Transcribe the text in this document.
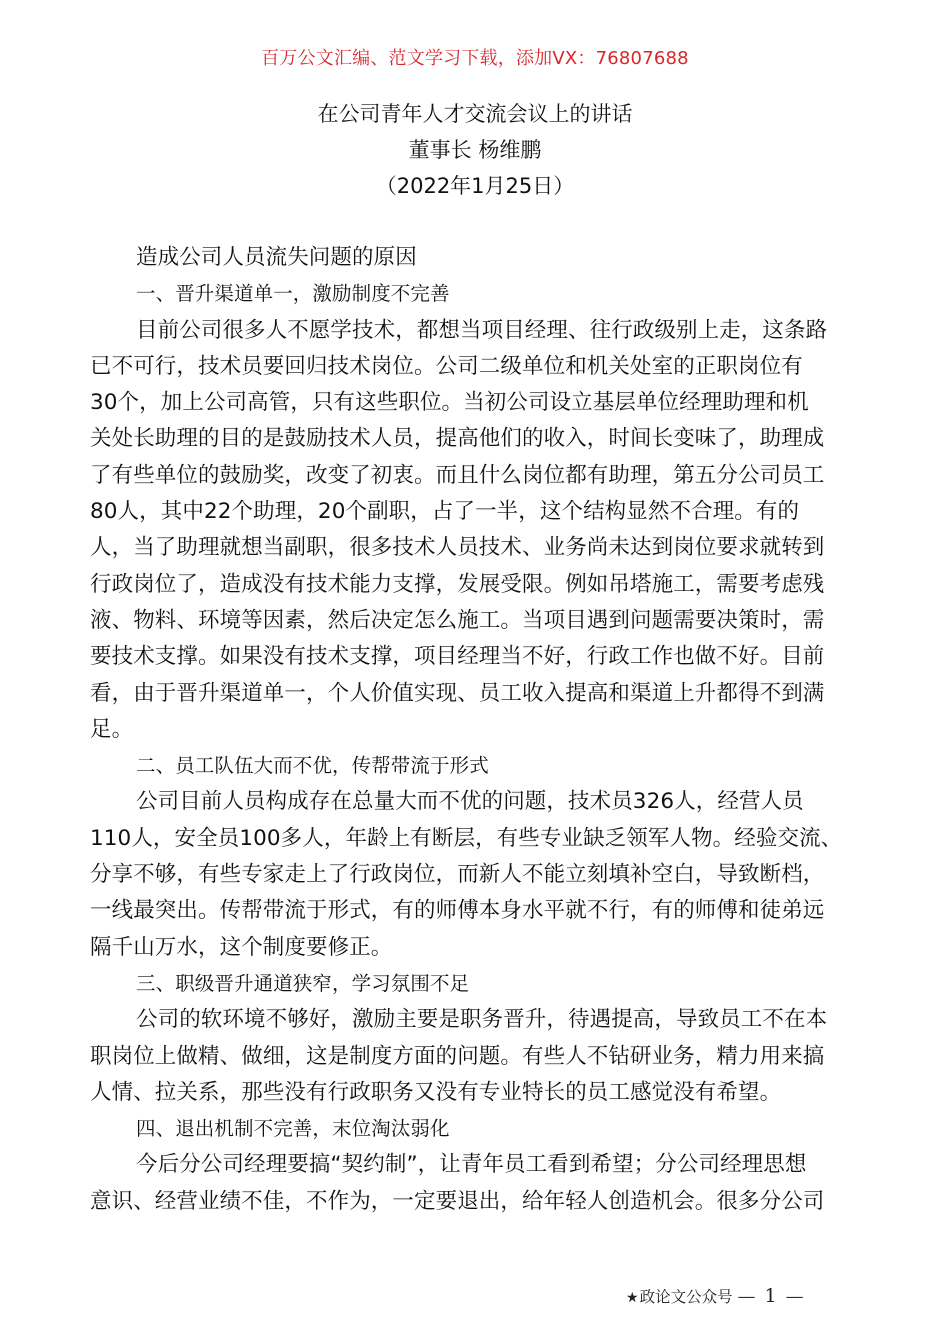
百万公文汇编、范文学习下载，添加VX：76807688
在公司青年人才交流会议上的讲话
董事长 杨维鹏
（2022年1月25日）
造成公司人员流失问题的原因
一、晋升渠道单一，激励制度不完善
目前公司很多人不愿学技术，都想当项目经理、往行政级别上走，这条路
已不可行，技术员要回归技术岗位。公司二级单位和机关处室的正职岗位有
30个，加上公司高管，只有这些职位。当初公司设立基层单位经理助理和机
关处长助理的目的是鼓励技术人员，提高他们的收入，时间长变味了，助理成
了有些单位的鼓励奖，改变了初衷。而且什么岗位都有助理，第五分公司员工
80人，其中22个助理，20个副职，占了一半，这个结构显然不合理。有的
人，当了助理就想当副职，很多技术人员技术、业务尚未达到岗位要求就转到
行政岗位了，造成没有技术能力支撑，发展受限。例如吊塔施工，需要考虑残
液、物料、环境等因素，然后决定怎么施工。当项目遇到问题需要决策时，需
要技术支撑。如果没有技术支撑，项目经理当不好，行政工作也做不好。目前
看，由于晋升渠道单一，个人价值实现、员工收入提高和渠道上升都得不到满
足。
二、员工队伍大而不优，传帮带流于形式
公司目前人员构成存在总量大而不优的问题，技术员326人，经营人员
110人，安全员100多人，年龄上有断层，有些专业缺乏领军人物。经验交流、
分享不够，有些专家走上了行政岗位，而新人不能立刻填补空白，导致断档，
一线最突出。传帮带流于形式，有的师傅本身水平就不行，有的师傅和徒弟远
隔千山万水，这个制度要修正。
三、职级晋升通道狭窄，学习氛围不足
公司的软环境不够好，激励主要是职务晋升，待遇提高，导致员工不在本
职岗位上做精、做细，这是制度方面的问题。有些人不钻研业务，精力用来搞
人情、拉关系，那些没有行政职务又没有专业特长的员工感觉没有希望。
四、退出机制不完善，末位淘汰弱化
今后分公司经理要搞“契约制”，让青年员工看到希望；分公司经理思想
意识、经营业绩不佳，不作为，一定要退出，给年轻人创造机会。很多分公司
★政论文公众号 — 1 —
